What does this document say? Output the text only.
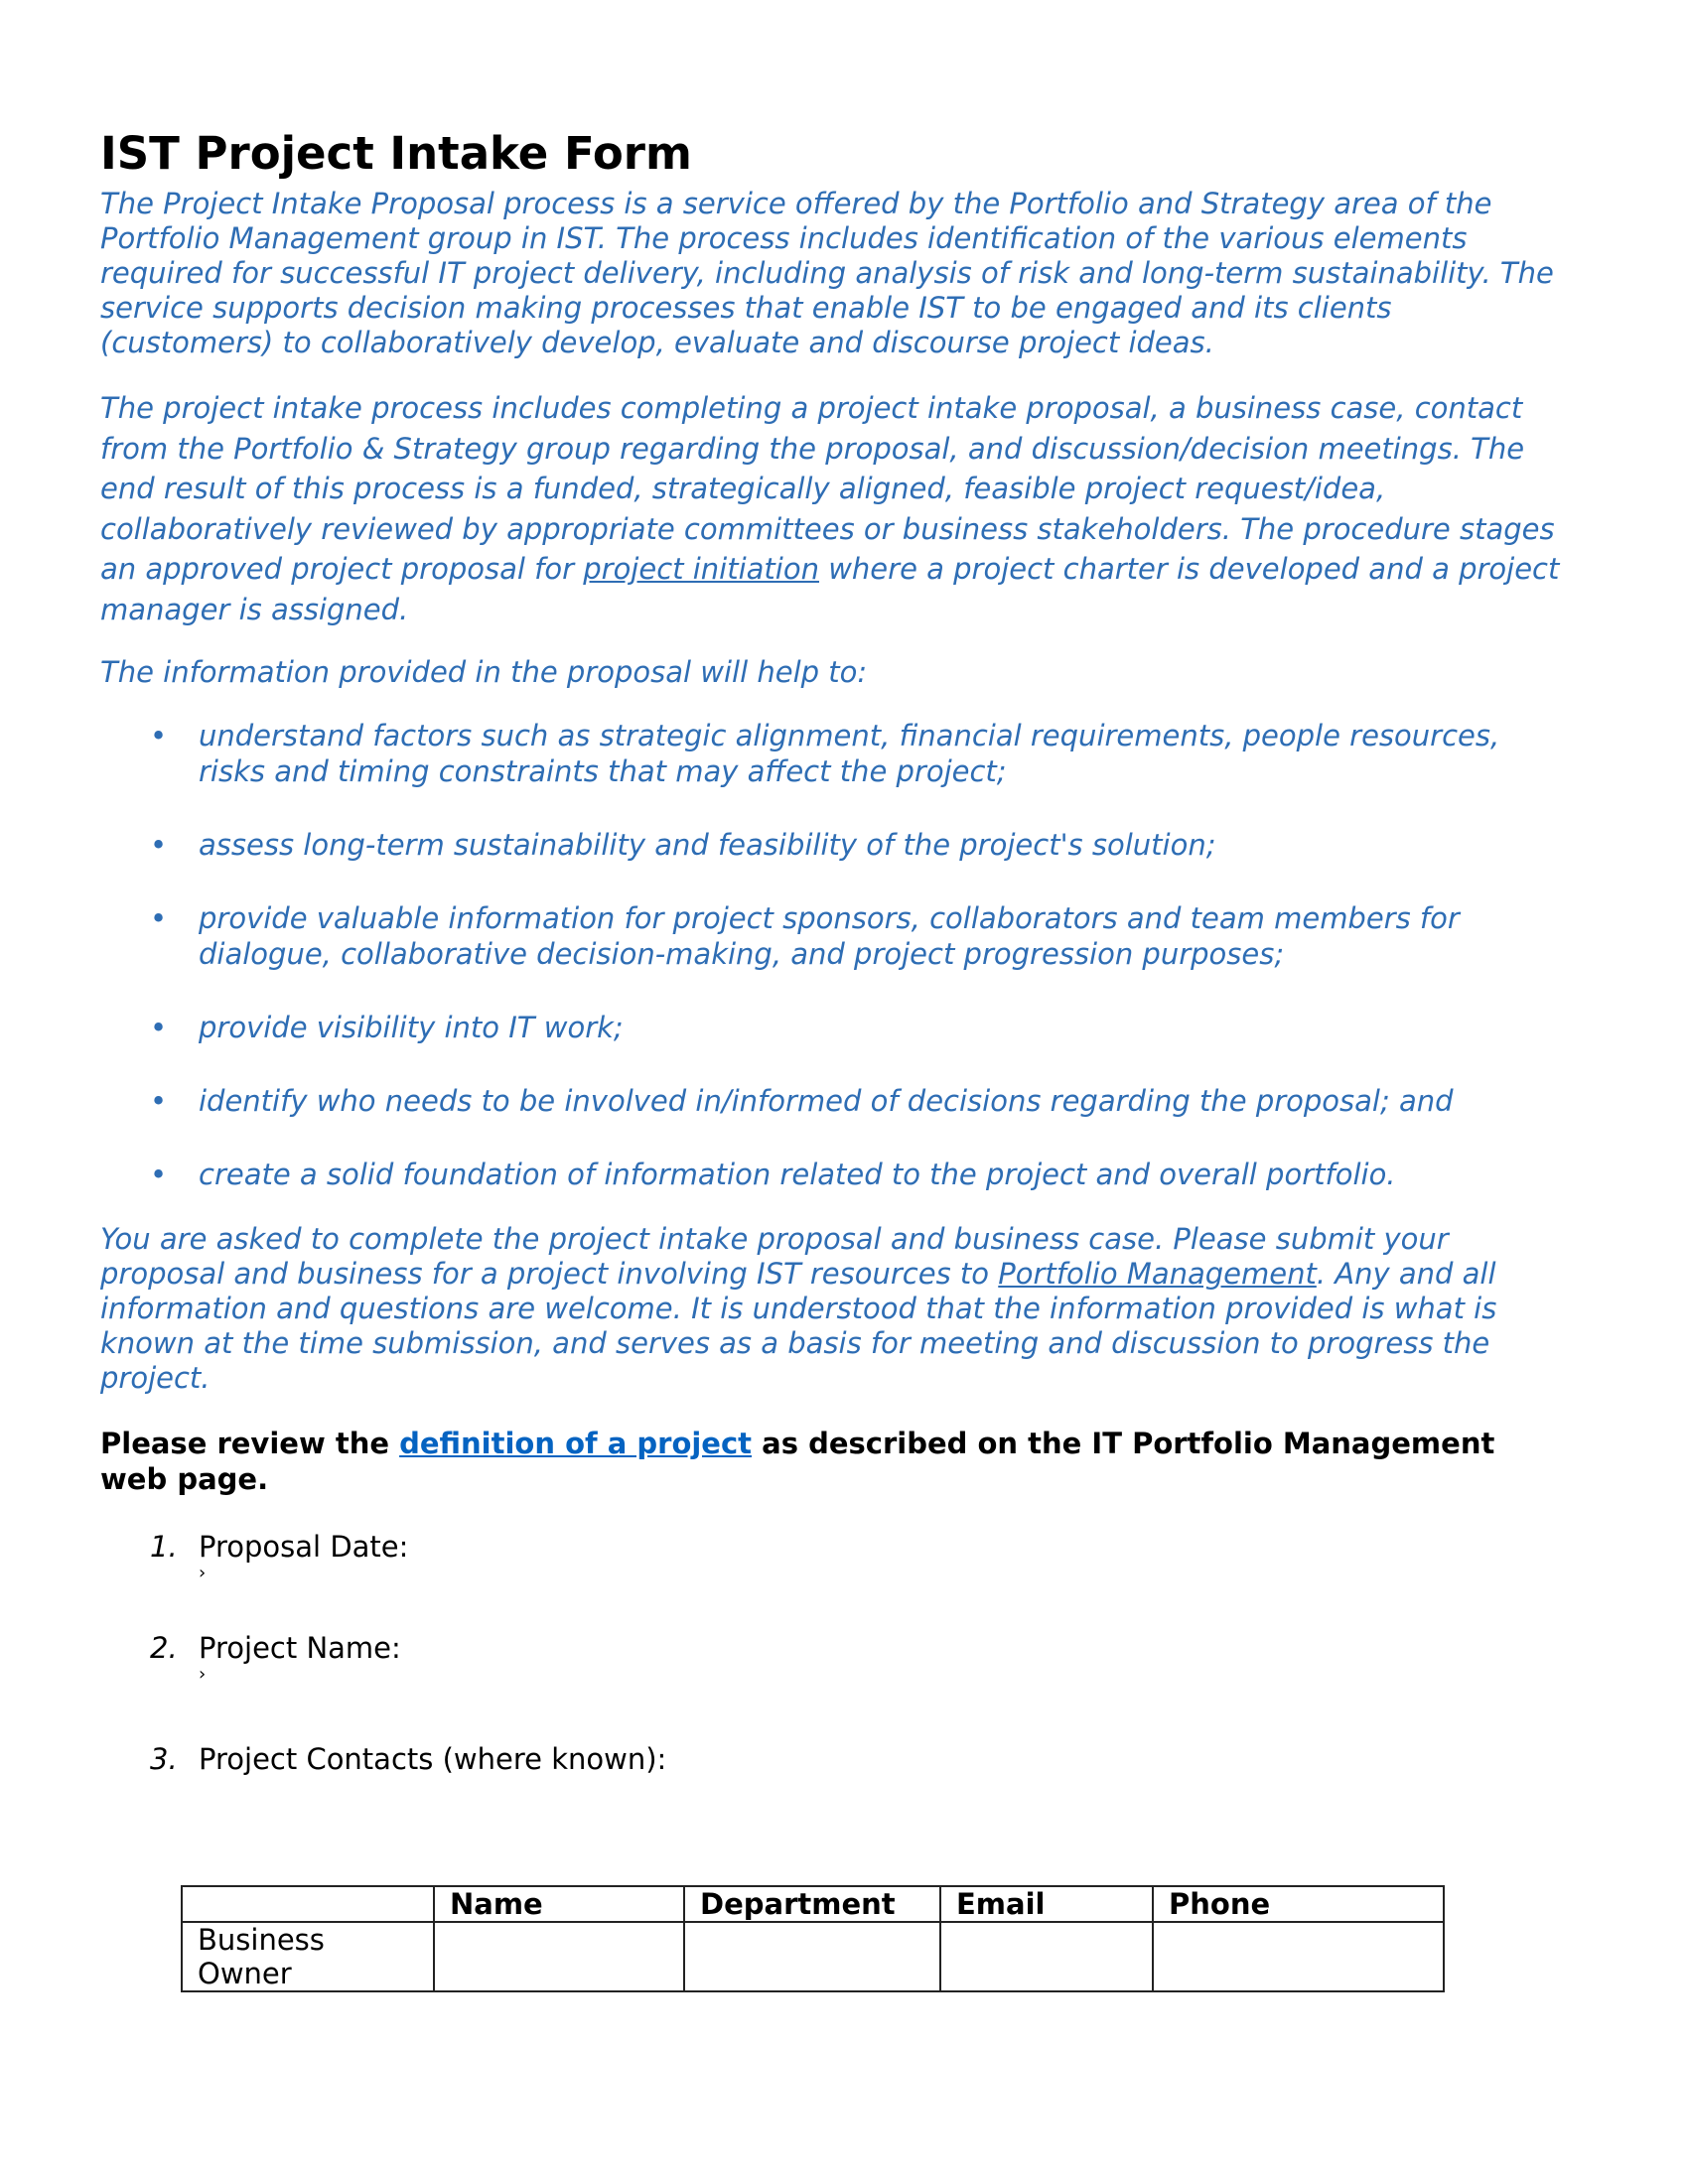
IST Project Intake Form

The Project Intake Proposal process is a service offered by the Portfolio and Strategy area of the Portfolio Management group in IST. The process includes identification of the various elements required for successful IT project delivery, including analysis of risk and long-term sustainability. The service supports decision making processes that enable IST to be engaged and its clients (customers) to collaboratively develop, evaluate and discourse project ideas.

The project intake process includes completing a project intake proposal, a business case, contact from the Portfolio & Strategy group regarding the proposal, and discussion/decision meetings. The end result of this process is a funded, strategically aligned, feasible project request/idea, collaboratively reviewed by appropriate committees or business stakeholders. The procedure stages an approved project proposal for project initiation where a project charter is developed and a project manager is assigned.

The information provided in the proposal will help to:

• understand factors such as strategic alignment, financial requirements, people resources, risks and timing constraints that may affect the project;
• assess long-term sustainability and feasibility of the project's solution;
• provide valuable information for project sponsors, collaborators and team members for dialogue, collaborative decision-making, and project progression purposes;
• provide visibility into IT work;
• identify who needs to be involved in/informed of decisions regarding the proposal; and
• create a solid foundation of information related to the project and overall portfolio.

You are asked to complete the project intake proposal and business case. Please submit your proposal and business for a project involving IST resources to Portfolio Management. Any and all information and questions are welcome. It is understood that the information provided is what is known at the time submission, and serves as a basis for meeting and discussion to progress the project.

Please review the definition of a project as described on the IT Portfolio Management web page.

1. Proposal Date:
›
2. Project Name:
›
3. Project Contacts (where known):
	Name	Department	Email	Phone
Business Owner				
